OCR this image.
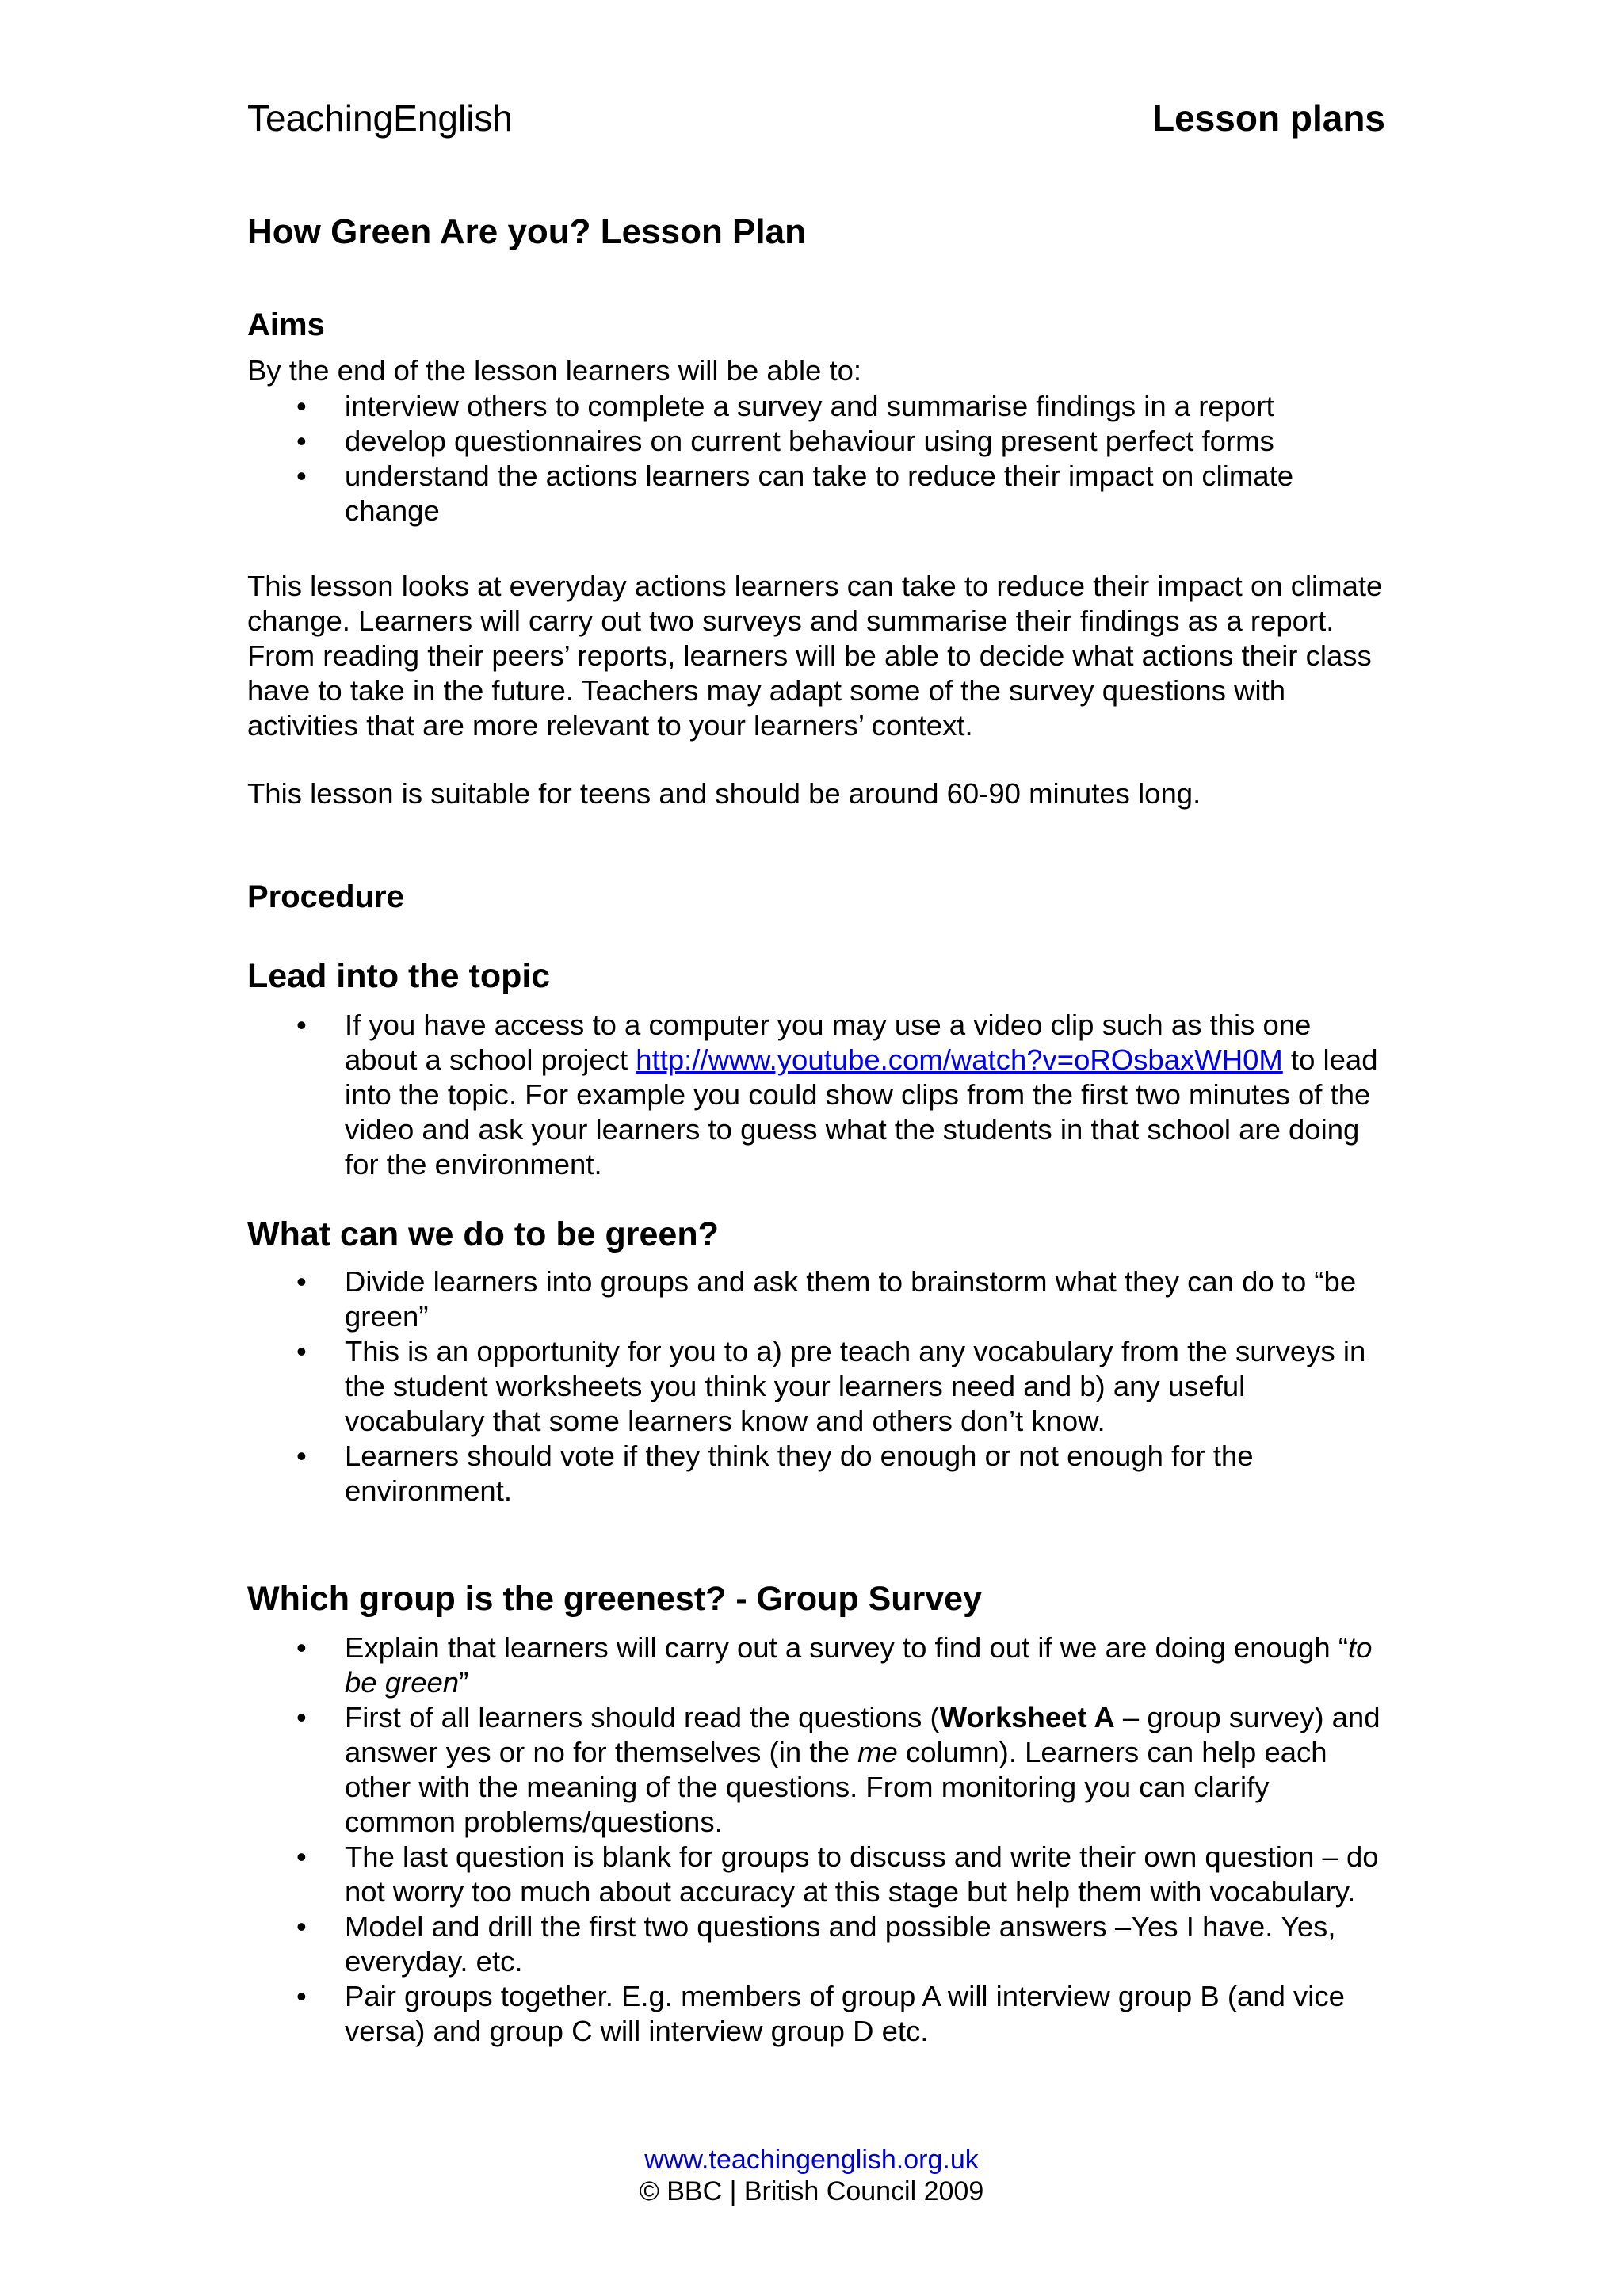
TeachingEnglish	Lesson plans
How Green Are you? Lesson Plan
Aims
By the end of the lesson learners will be able to:
• interview others to complete a survey and summarise findings in a report
• develop questionnaires on current behaviour using present perfect forms
• understand the actions learners can take to reduce their impact on climate change

This lesson looks at everyday actions learners can take to reduce their impact on climate change. Learners will carry out two surveys and summarise their findings as a report. From reading their peers’ reports, learners will be able to decide what actions their class have to take in the future. Teachers may adapt some of the survey questions with activities that are more relevant to your learners’ context.

This lesson is suitable for teens and should be around 60-90 minutes long.

Procedure
Lead into the topic
• If you have access to a computer you may use a video clip such as this one about a school project http://www.youtube.com/watch?v=oROsbaxWH0M to lead into the topic. For example you could show clips from the first two minutes of the video and ask your learners to guess what the students in that school are doing for the environment.
What can we do to be green?
• Divide learners into groups and ask them to brainstorm what they can do to “be green”
• This is an opportunity for you to a) pre teach any vocabulary from the surveys in the student worksheets you think your learners need and b) any useful vocabulary that some learners know and others don’t know.
• Learners should vote if they think they do enough or not enough for the environment.
Which group is the greenest? - Group Survey
• Explain that learners will carry out a survey to find out if we are doing enough “to be green”
• First of all learners should read the questions (Worksheet A – group survey) and answer yes or no for themselves (in the me column). Learners can help each other with the meaning of the questions. From monitoring you can clarify common problems/questions.
• The last question is blank for groups to discuss and write their own question – do not worry too much about accuracy at this stage but help them with vocabulary.
• Model and drill the first two questions and possible answers –Yes I have. Yes, everyday. etc.
• Pair groups together. E.g. members of group A will interview group B (and vice versa) and group C will interview group D etc.
www.teachingenglish.org.uk
© BBC | British Council 2009
